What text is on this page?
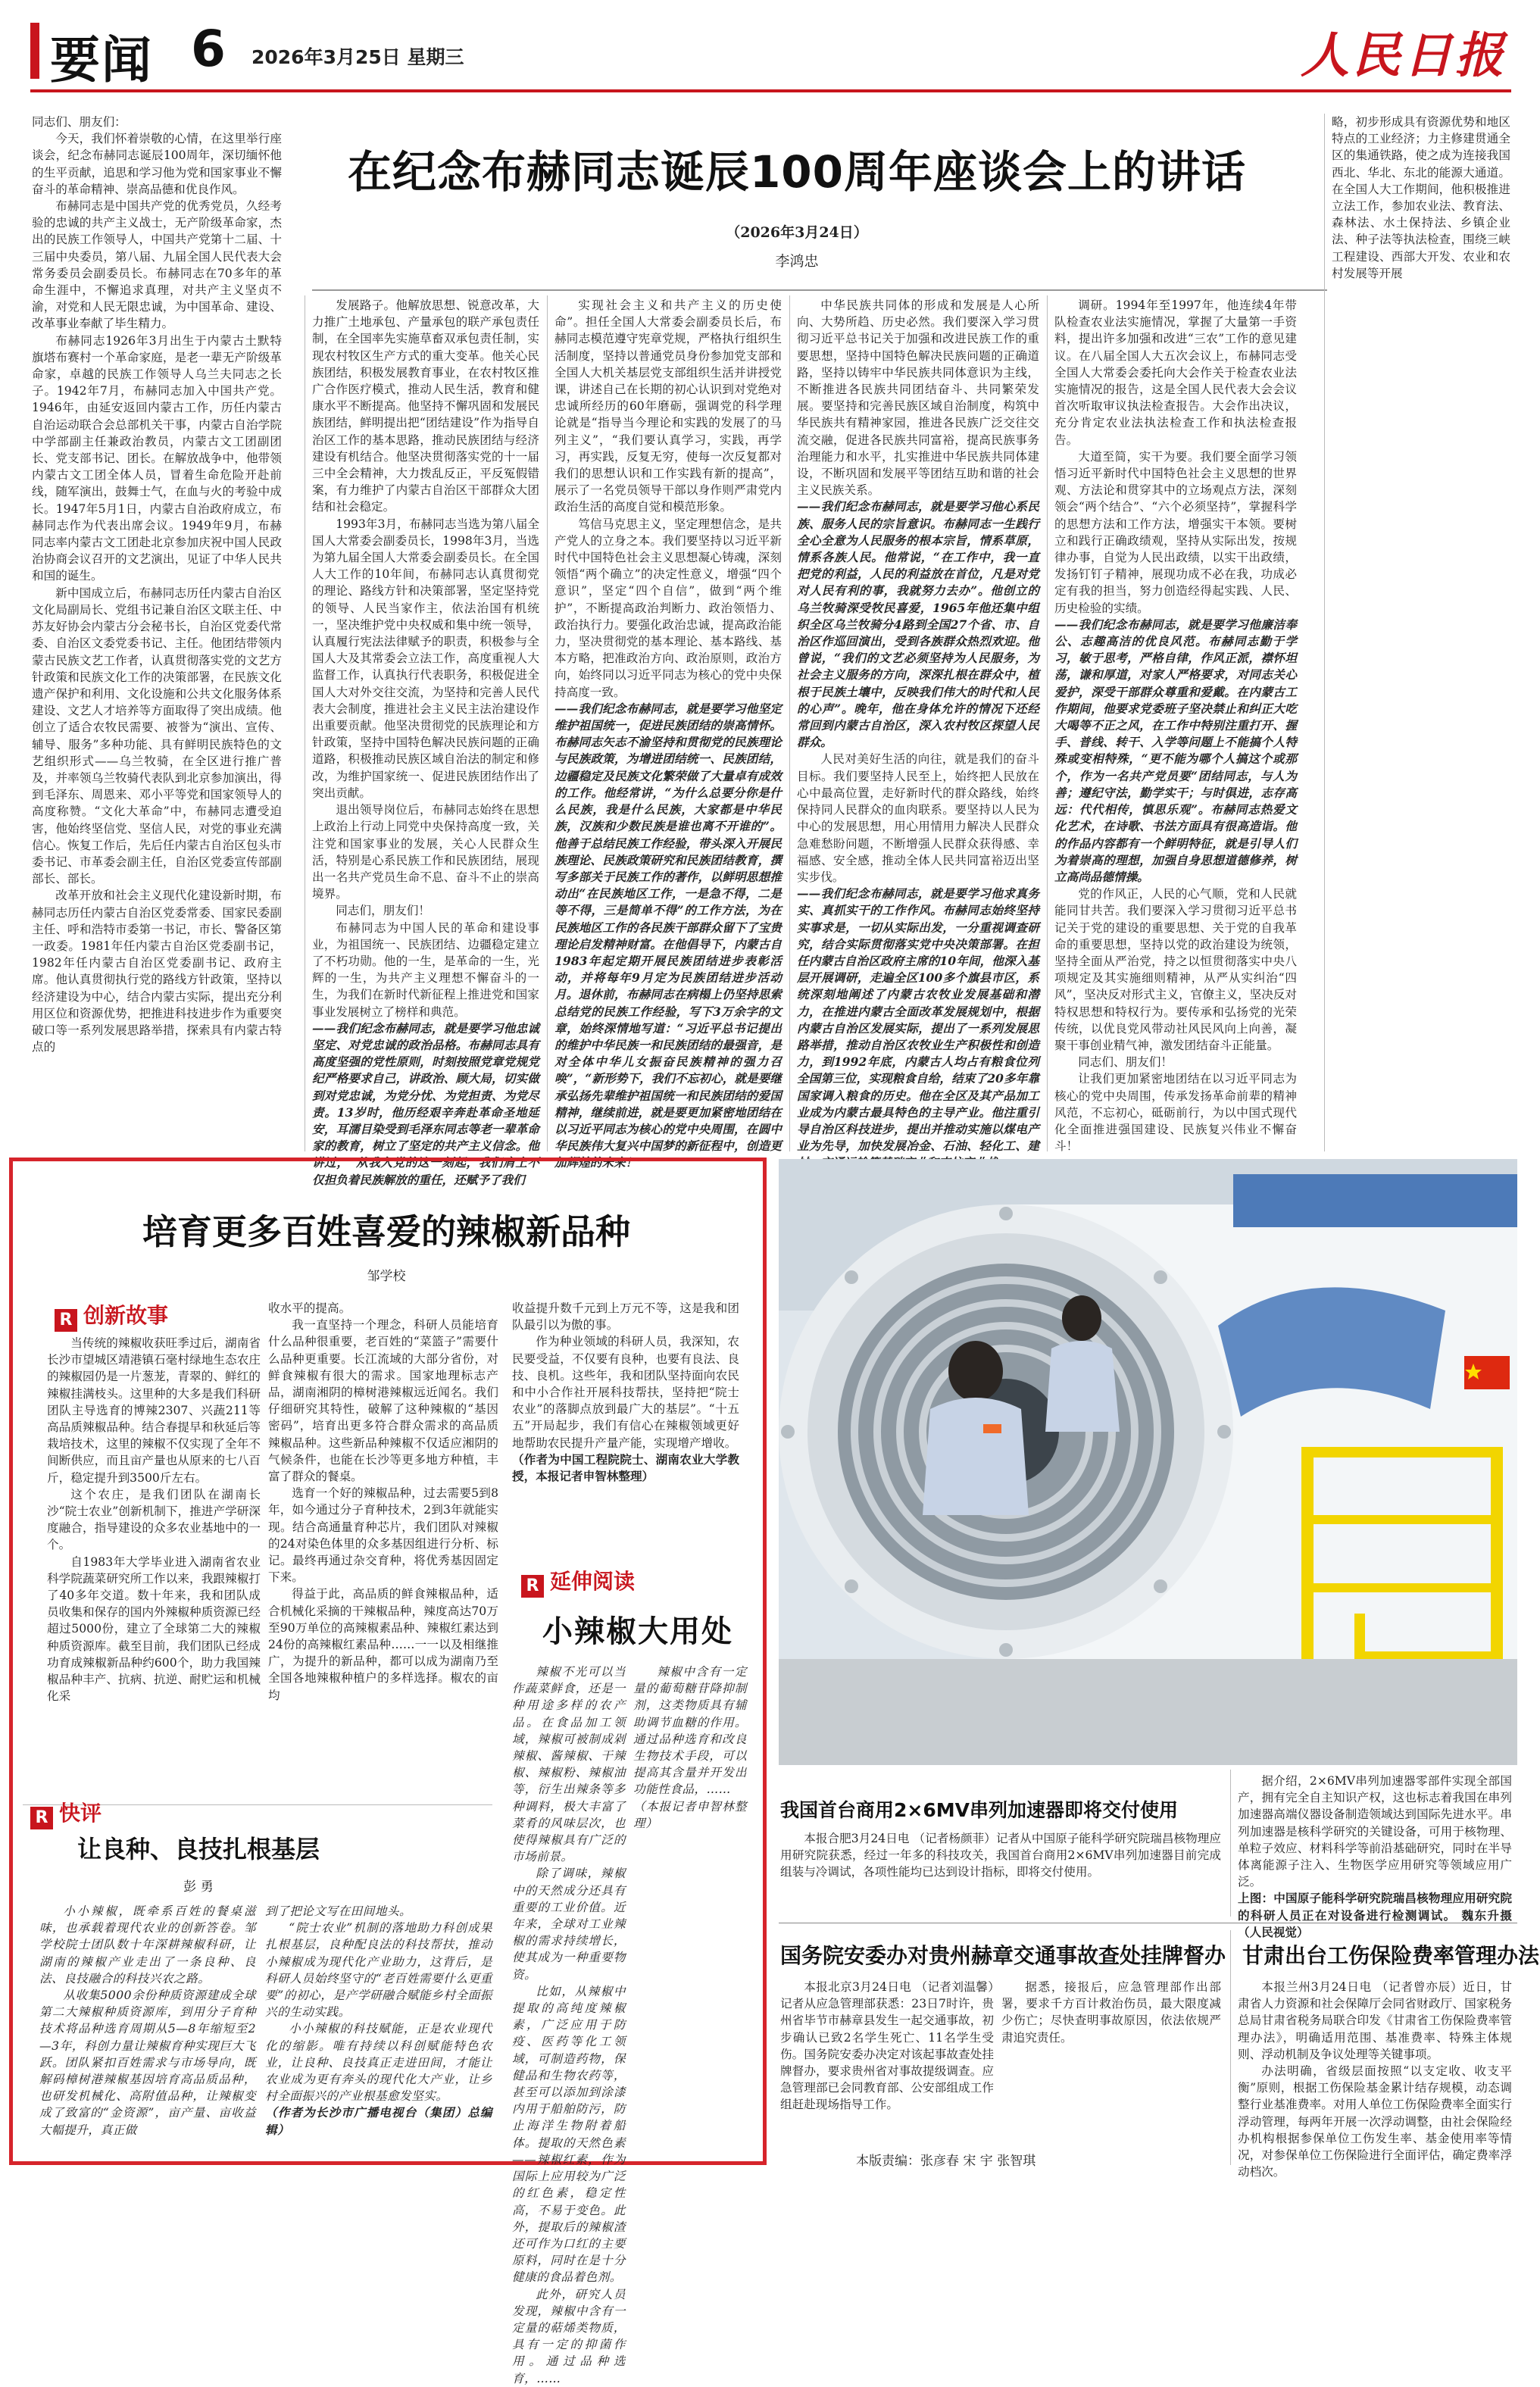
要闻 6 2026年3月25日 星期三	人民日报
在纪念布赫同志诞辰100周年座谈会上的讲话
（2026年3月24日）
李鸿忠

同志们、朋友们：

今天，我们怀着崇敬的心情，在这里举行座谈会，纪念布赫同志诞辰100周年，深切缅怀他的生平贡献，追思和学习他为党和国家事业不懈奋斗的革命精神、崇高品德和优良作风。

布赫同志是中国共产党的优秀党员，久经考验的忠诚的共产主义战士，无产阶级革命家，杰出的民族工作领导人，中国共产党第十二届、十三届中央委员，第八届、九届全国人民代表大会常务委员会副委员长。布赫同志在70多年的革命生涯中，不懈追求真理，对共产主义坚贞不渝，对党和人民无限忠诚，为中国革命、建设、改革事业奉献了毕生精力。

布赫同志1926年3月出生于内蒙古土默特旗塔布赛村一个革命家庭，是老一辈无产阶级革命家，卓越的民族工作领导人乌兰夫同志之长子。1942年7月，布赫同志加入中国共产党。1946年，由延安返回内蒙古工作，历任内蒙古自治运动联合会总部机关干事，内蒙古自治学院中学部副主任兼政治教员，内蒙古文工团副团长、党支部书记、团长。在解放战争中，他带领内蒙古文工团全体人员，冒着生命危险开赴前线，随军演出，鼓舞士气，在血与火的考验中成长。1947年5月1日，内蒙古自治政府成立，布赫同志作为代表出席会议。1949年9月，布赫同志率内蒙古文工团赴北京参加庆祝中国人民政治协商会议召开的文艺演出，见证了中华人民共和国的诞生。

新中国成立后，布赫同志历任内蒙古自治区文化局副局长、党组书记兼自治区文联主任、中苏友好协会内蒙古分会秘书长，自治区党委代常委、自治区文委党委书记、主任。他团结带领内蒙古民族文艺工作者，认真贯彻落实党的文艺方针政策和民族文化工作的决策部署，在民族文化遗产保护和利用、文化设施和公共文化服务体系建设、文艺人才培养等方面取得了突出成绩。他创立了适合农牧民需要、被誉为“演出、宣传、辅导、服务”多种功能、具有鲜明民族特色的文艺组织形式——乌兰牧骑，在全区进行推广普及，并率领乌兰牧骑代表队到北京参加演出，得到毛泽东、周恩来、邓小平等党和国家领导人的高度称赞。“文化大革命”中，布赫同志遭受迫害，他始终坚信党、坚信人民，对党的事业充满信心。恢复工作后，先后任内蒙古自治区包头市委书记、市革委会副主任，自治区党委宣传部副部长、部长。

改革开放和社会主义现代化建设新时期，布赫同志历任内蒙古自治区党委常委、国家民委副主任、呼和浩特市委第一书记，市长、警备区第一政委。1981年任内蒙古自治区党委副书记，1982年任内蒙古自治区党委副书记、政府主席。他认真贯彻执行党的路线方针政策，坚持以经济建设为中心，结合内蒙古实际，提出充分利用区位和资源优势，把推进科技进步作为重要突破口等一系列发展思路举措，探索具有内蒙古特点的

发展路子。他解放思想、锐意改革，大力推广土地承包、产量承包的联产承包责任制，在全国率先实施草畜双承包责任制，实现农村牧区生产方式的重大变革。他关心民族团结，积极发展教育事业，在农村牧区推广合作医疗模式，推动人民生活，教育和健康水平不断提高。他坚持不懈巩固和发展民族团结，鲜明提出把“团结建设”作为指导自治区工作的基本思路，推动民族团结与经济建设有机结合。他坚决贯彻落实党的十一届三中全会精神，大力拨乱反正，平反冤假错案，有力维护了内蒙古自治区干部群众大团结和社会稳定。

1993年3月，布赫同志当选为第八届全国人大常委会副委员长，1998年3月，当选为第九届全国人大常委会副委员长。在全国人大工作的10年间，布赫同志认真贯彻党的理论、路线方针和决策部署，坚定坚持党的领导、人民当家作主，依法治国有机统一，坚决维护党中央权威和集中统一领导，认真履行宪法法律赋予的职责，积极参与全国人大及其常委会立法工作，高度重视人大监督工作，认真执行代表职务，积极促进全国人大对外交往交流，为坚持和完善人民代表大会制度，推进社会主义民主法治建设作出重要贡献。他坚决贯彻党的民族理论和方针政策，坚持中国特色解决民族问题的正确道路，积极推动民族区域自治法的制定和修改，为维护国家统一、促进民族团结作出了突出贡献。

退出领导岗位后，布赫同志始终在思想上政治上行动上同党中央保持高度一致，关注党和国家事业的发展，关心人民群众生活，特别是心系民族工作和民族团结，展现出一名共产党员生命不息、奋斗不止的崇高境界。

同志们，朋友们！

布赫同志为中国人民的革命和建设事业，为祖国统一、民族团结、边疆稳定建立了不朽功勋。他的一生，是革命的一生，光辉的一生，为共产主义理想不懈奋斗的一生，为我们在新时代新征程上推进党和国家事业发展树立了榜样和典范。

——我们纪念布赫同志，就是要学习他忠诚坚定、对党忠诚的政治品格。布赫同志具有高度坚强的党性原则，时刻按照党章党规党纪严格要求自己，讲政治、顾大局，切实做到对党忠诚，为党分忧、为党担责、为党尽责。13岁时，他历经艰辛奔赴革命圣地延安，耳濡目染受到毛泽东同志等老一辈革命家的教育，树立了坚定的共产主义信念。他讲过，“从我入党的这一刻起，我们肩上不仅担负着民族解放的重任，还赋予了我们

实现社会主义和共产主义的历史使命”。担任全国人大常委会副委员长后，布赫同志模范遵守宪章党规，严格执行组织生活制度，坚持以普通党员身份参加党支部和全国人大机关基层党支部组织生活并讲授党课，讲述自己在长期的初心认识到对党绝对忠诚所经历的60年磨砺，强调党的科学理论就是“指导当今理论和实践的发展了的马列主义”，“我们要认真学习，实践，再学习，再实践，反复无穷，使每一次反复都对我们的思想认识和工作实践有新的提高”，展示了一名党员领导干部以身作则严肃党内政治生活的高度自觉和模范形象。

笃信马克思主义，坚定理想信念，是共产党人的立身之本。我们要坚持以习近平新时代中国特色社会主义思想凝心铸魂，深刻领悟“两个确立”的决定性意义，增强“四个意识”，坚定“四个自信”，做到“两个维护”，不断提高政治判断力、政治领悟力、政治执行力。要强化政治忠诚，提高政治能力，坚决贯彻党的基本理论、基本路线、基本方略，把准政治方向、政治原则，政治方向，始终同以习近平同志为核心的党中央保持高度一致。

——我们纪念布赫同志，就是要学习他坚定维护祖国统一，促进民族团结的崇高情怀。布赫同志矢志不渝坚持和贯彻党的民族理论与民族政策，为增进团结统一、民族团结，边疆稳定及民族文化繁荣做了大量卓有成效的工作。他经常讲，“为什么总要分你是什么民族，我是什么民族，大家都是中华民族，汉族和少数民族是谁也离不开谁的”。他善于总结民族工作经验，带头深入开展民族理论、民族政策研究和民族团结教育，撰写多部关于民族工作的著作，以鲜明思想推动出“在民族地区工作，一是急不得，二是等不得，三是简单不得”的工作方法，为在民族地区工作的各民族干部群众留下了宝贵理论启发精神财富。在他倡导下，内蒙古自1983年起定期开展民族团结进步表彰活动，并将每年9月定为民族团结进步活动月。退休前，布赫同志在病榻上仍坚持思索总结党的民族工作经验，写下3万余字的文章，始终深情地写道：“习近平总书记提出的维护中华民族一和民族团结的最强音，是对全体中华儿女振奋民族精神的强力召唤”，“新形势下，我们不忘初心，就是要继承弘扬先辈维护祖国统一和民族团结的爱国精神，继续前进，就是要更加紧密地团结在以习近平同志为核心的党中央周围，在圆中华民族伟大复兴中国梦的新征程中，创造更加辉煌的未来！”

中华民族共同体的形成和发展是人心所向、大势所趋、历史必然。我们要深入学习贯彻习近平总书记关于加强和改进民族工作的重要思想，坚持中国特色解决民族问题的正确道路，坚持以铸牢中华民族共同体意识为主线，不断推进各民族共同团结奋斗、共同繁荣发展。要坚持和完善民族区域自治制度，构筑中华民族共有精神家园，推进各民族广泛交往交流交融，促进各民族共同富裕，提高民族事务治理能力和水平，扎实推进中华民族共同体建设，不断巩固和发展平等团结互助和谐的社会主义民族关系。

——我们纪念布赫同志，就是要学习他心系民族、服务人民的宗旨意识。布赫同志一生践行全心全意为人民服务的根本宗旨，情系草原，情系各族人民。他常说，“在工作中，我一直把党的利益，人民的利益放在首位，凡是对党对人民有利的事，我就努力去办”。他创立的乌兰牧骑深受牧民喜爱，1965年他还集中组织全区乌兰牧骑分4路到全国27个省、市、自治区作巡回演出，受到各族群众热烈欢迎。他曾说，“我们的文艺必须坚持为人民服务，为社会主义服务的方向，深深扎根在群众中，植根于民族土壤中，反映我们伟大的时代和人民的心声”。晚年，他在身体允许的情况下还经常回到内蒙古自治区，深入农村牧区探望人民群众。

人民对美好生活的向往，就是我们的奋斗目标。我们要坚持人民至上，始终把人民放在心中最高位置，走好新时代的群众路线，始终保持同人民群众的血肉联系。要坚持以人民为中心的发展思想，用心用情用力解决人民群众急难愁盼问题，不断增强人民群众获得感、幸福感、安全感，推动全体人民共同富裕迈出坚实步伐。

——我们纪念布赫同志，就是要学习他求真务实、真抓实干的工作作风。布赫同志始终坚持实事求是，一切从实际出发，一分重视调查研究，结合实际贯彻落实党中央决策部署。在担任内蒙古自治区政府主席的10年间，他深入基层开展调研，走遍全区100多个旗县市区，系统深刻地阐述了内蒙古农牧业发展基础和潜力，在推进内蒙古全面改革发展规划中，根据内蒙古自治区发展实际，提出了一系列发展思路举措，推动自治区农牧业生产积极性和创造力，到1992年底，内蒙古人均占有粮食位列全国第三位，实现粮食自给，结束了20多年靠国家调入粮食的历史。他在全区及其产品加工业成为内蒙古最具特色的主导产业。他注重引导自治区科技进步，提出并推动实施以煤电产业为先导，加快发展冶金、石油、轻化工、建

调研。1994年至1997年，他连续4年带队检查农业法实施情况，掌握了大量第一手资料，提出许多加强和改进“三农”工作的意见建议。在八届全国人大五次会议上，布赫同志受全国人大常委会委托向大会作关于检查农业法实施情况的报告，这是全国人民代表大会会议首次听取审议执法检查报告。大会作出决议，充分肯定农业法执法检查工作和执法检查报告。

大道至简，实干为要。我们要全面学习领悟习近平新时代中国特色社会主义思想的世界观、方法论和贯穿其中的立场观点方法，深刻领会“两个结合”、“六个必须坚持”，掌握科学的思想方法和工作方法，增强实干本领。要树立和践行正确政绩观，坚持从实际出发，按规律办事，自觉为人民出政绩，以实干出政绩，发扬钉钉子精神，展现功成不必在我，功成必定有我的担当，努力创造经得起实践、人民、历史检验的实绩。

——我们纪念布赫同志，就是要学习他廉洁奉公、志趣高洁的优良风范。布赫同志勤于学习，敏于思考，严格自律，作风正派，襟怀坦荡，谦和厚道，对家人严格要求，对同志关心爱护，深受干部群众尊重和爱戴。在内蒙古工作期间，他要求党委班子坚决禁止和纠正大吃大喝等不正之风，在工作中特别注重打开、握手、普线、转干、入学等问题上不能搞个人特殊或变相特殊，“更不能为哪个人搞这个或那个，作为一名共产党员要“团结同志，与人为善；遵纪守法，勤学实干；与时俱进，志存高远：代代相传，慎思乐观”。布赫同志热爱文化艺术，在诗歌、书法方面具有很高造诣。他的作品内容都有一个鲜明特征，就是引导人们为着崇高的理想，加强自身思想道德修养，树立高尚品德情操。

党的作风正，人民的心气顺，党和人民就能同甘共苦。我们要深入学习贯彻习近平总书记关于党的建设的重要思想、关于党的自我革命的重要思想，坚持以党的政治建设为统领，坚持全面从严治党，持之以恒贯彻落实中央八项规定及其实施细则精神，从严从实纠治“四风”，坚决反对形式主义，官僚主义，坚决反对特权思想和特权行为。要传承和弘扬党的光荣传统，以优良党风带动社风民风向上向善，凝聚干事创业精气神，激发团结奋斗正能量。

同志们、朋友们！

让我们更加紧密地团结在以习近平同志为核心的党中央周围，传承发扬革命前辈的精神风范，不忘初心，砥砺前行，为以中国式现代化全面推进强国建设、民族复兴伟业不懈奋斗！

略，初步形成具有资源优势和地区特点的工业经济；力主修建贯通全区的集通铁路，使之成为连接我国西北、华北、东北的能源大通道。在全国人大工作期间，他积极推进立法工作，参加农业法、教育法、森林法、水土保持法、乡镇企业法、种子法等执法检查，围绕三峡工程建设、西部大开发、农业和农村发展等开展

培育更多百姓喜爱的辣椒新品种
邹学校
R 创新故事

当传统的辣椒收获旺季过后，湖南省长沙市望城区靖港镇石毫村绿地生态农庄的辣椒园仍是一片葱茏，青翠的、鲜红的辣椒挂满枝头。这里种的大多是我们科研团队主导选育的博辣2307、兴蔬211等高品质辣椒品种。结合春提早和秋延后等栽培技术，这里的辣椒不仅实现了全年不间断供应，而且亩产量也从原来的七八百斤，稳定提升到3500斤左右。

这个农庄，是我们团队在湖南长沙“院士农业”创新机制下，推进产学研深度融合，指导建设的众多农业基地中的一个。

自1983年大学毕业进入湖南省农业科学院蔬菜研究所工作以来，我跟辣椒打了40多年交道。数十年来，我和团队成员收集和保存的国内外辣椒种质资源已经超过5000份，建立了全球第二大的辣椒种质资源库。截至目前，我们团队已经成功育成辣椒新品种约600个，助力我国辣椒品种丰产、抗病、抗逆、耐贮运和机械化采

收水平的提高。

我一直坚持一个理念，科研人员能培育什么品种很重要，老百姓的“菜篮子”需要什么品种更重要。长江流域的大部分省份，对鲜食辣椒有很大的需求。国家地理标志产品，湖南湘阴的樟树港辣椒远近闻名。我们仔细研究其特性，破解了这种辣椒的“基因密码”，培育出更多符合群众需求的高品质辣椒品种。这些新品种辣椒不仅适应湘阴的气候条件，也能在长沙等更多地方种植，丰富了群众的餐桌。

选育一个好的辣椒品种，过去需要5到8年，如今通过分子育种技术，2到3年就能实现。结合高通量育种芯片，我们团队对辣椒的24对染色体里的众多基因组进行分析、标记。最终再通过杂交育种，将优秀基因固定下来。

得益于此，高品质的鲜食辣椒品种，适合机械化采摘的干辣椒品种，辣度高达70万至90万单位的高辣椒素品种、辣椒红素达到24份的高辣椒红素品种……一一以及相继推广，为提升的新品种，都可以成为湖南乃至全国各地辣椒种植户的多样选择。椒农的亩均

收益提升数千元到上万元不等，这是我和团队最引以为傲的事。

作为种业领域的科研人员，我深知，农民要受益，不仅要有良种，也要有良法、良技、良机。这些年，我和团队坚持面向农民和中小合作社开展科技帮扶，坚持把“院士农业”的落脚点放到最广大的基层”。“十五五”开局起步，我们有信心在辣椒领域更好地帮助农民提升产量产能，实现增产增收。

（作者为中国工程院院士、湖南农业大学教授，本报记者申智林整理）

R 延伸阅读
小辣椒大用处

辣椒不光可以当作蔬菜鲜食，还是一种用途多样的农产品。在食品加工领域，辣椒可被制成剁辣椒、酱辣椒、干辣椒、辣椒粉、辣椒油等，衍生出辣条等多种调料，极大丰富了菜肴的风味层次，也使得辣椒具有广泛的市场前景。

除了调味，辣椒中的天然成分还具有重要的工业价值。近年来，全球对工业辣椒的需求持续增长，使其成为一种重要物资。

比如，从辣椒中提取的高纯度辣椒素，广泛应用于防疫、医药等化工领域，可制造药物，保健品和生物农药等，甚至可以添加到涂漆内用于船舶防污，防止海洋生物附着船体。提取的天然色素——辣椒红素，作为国际上应用较为广泛的红色素，稳定性高，不易于变色。此外，提取后的辣椒渣还可作为口红的主要原料，同时在是十分健康的食品着色剂。

此外，研究人员发现，辣椒中含有一定量的萜烯类物质，具有一定的抑菌作用。通过品种选育，……

辣椒中含有一定量的葡萄糖苷降抑制剂，这类物质具有辅助调节血糖的作用。通过品种选育和改良生物技术手段，可以提高其含量并开发出功能性食品，……

（本报记者申智林整理）

R 快评
让良种、良技扎根基层
彭 勇

小小辣椒，既牵系百姓的餐桌滋味，也承载着现代农业的创新答卷。邹学校院士团队数十年深耕辣椒科研，让湖南的辣椒产业走出了一条良种、良法、良技融合的科技兴农之路。

从收集5000余份种质资源建成全球第二大辣椒种质资源库，到用分子育种技术将品种选育周期从5—8年缩短至2—3年，科创力量让辣椒育种实现巨大飞跃。团队紧扣百姓需求与市场导向，既解码樟树港辣椒基因培育高品质品种，也研发机械化、高附值品种，让辣椒变成了致富的“金资源”，亩产量、亩收益大幅提升，真正做

到了把论文写在田间地头。

“院士农业”机制的落地助力科创成果扎根基层，良种配良法的科技帮扶，推动小辣椒成为现代化产业助力，这背后，是科研人员始终坚守的“老百姓需要什么更重要”的初心，是产学研融合赋能乡村全面振兴的生动实践。

小小辣椒的科技赋能，正是农业现代化的缩影。唯有持续以科创赋能特色农业，让良种、良技真正走进田间，才能让农业成为更有奔头的现代化大产业，让乡村全面振兴的产业根基愈发坚实。

（作者为长沙市广播电视台（集团）总编辑）

我国首台商用2×6MV串列加速器即将交付使用

本报合肥3月24日电 （记者杨颜菲）记者从中国原子能科学研究院瑞昌核物理应用研究院获悉，经过一年多的科技攻关，我国首台商用2×6MV串列加速器目前完成组装与冷调试，各项性能均已达到设计指标，即将交付使用。

据介绍，2×6MV串列加速器零部件实现全部国产，拥有完全自主知识产权，这也标志着我国在串列加速器高端仪器设备制造领域达到国际先进水平。串列加速器是核科学研究的关键设备，可用于核物理、单粒子效应、材料科学等前沿基础研究，同时在半导体离能源子注入、生物医学应用研究等领域应用广泛。

上图：中国原子能科学研究院瑞昌核物理应用研究院的科研人员正在对设备进行检测调试。 魏东升摄（人民视觉）

国务院安委办对贵州赫章交通事故查处挂牌督办

本报北京3月24日电 （记者刘温馨）记者从应急管理部获悉：23日7时许，贵州省毕节市赫章县发生一起交通事故，初步确认已致2名学生死亡、11名学生受伤。国务院安委办决定对该起事故查处挂牌督办，要求贵州省对事故提级调查。应急管理部已会同教育部、公安部组成工作组赶赴现场指导工作。

据悉，接报后，应急管理部作出部署，要求千方百计救治伤员，最大限度减少伤亡；尽快查明事故原因，依法依规严肃追究责任。

甘肃出台工伤保险费率管理办法

本报兰州3月24日电 （记者曾亦辰）近日，甘肃省人力资源和社会保障厅会同省财政厅、国家税务总局甘肃省税务局联合印发《甘肃省工伤保险费率管理办法》，明确适用范围、基准费率、特殊主体规则、浮动机制及争议处理等关键事项。

办法明确，省级层面按照“以支定收、收支平衡”原则，根据工伤保险基金累计结存规模，动态调整行业基准费率。对用人单位工伤保险费率全面实行浮动管理，每两年开展一次浮动调整，由社会保险经办机构根据参保单位工伤发生率、基金使用率等情况，对参保单位工伤保险进行全面评估，确定费率浮动档次。

本版责编：张彦春 宋 宇 张智琪
